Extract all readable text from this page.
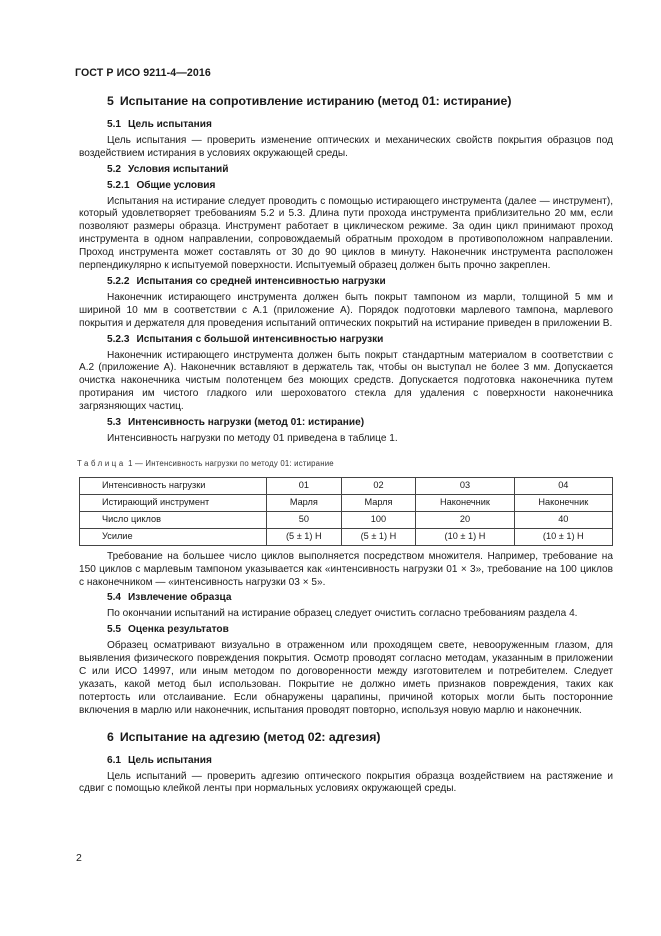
ГОСТ Р ИСО 9211-4—2016
5 Испытание на сопротивление истиранию (метод 01: истирание)
5.1 Цель испытания
Цель испытания — проверить изменение оптических и механических свойств покрытия образцов под воздействием истирания в условиях окружающей среды.
5.2 Условия испытаний
5.2.1 Общие условия
Испытания на истирание следует проводить с помощью истирающего инструмента (далее — инструмент), который удовлетворяет требованиям 5.2 и 5.3. Длина пути прохода инструмента приблизительно 20 мм, если позволяют размеры образца. Инструмент работает в циклическом режиме. За один цикл принимают проход инструмента в одном направлении, сопровождаемый обратным проходом в противоположном направлении. Проход инструмента может составлять от 30 до 90 циклов в минуту. Наконечник инструмента расположен перпендикулярно к испытуемой поверхности. Испытуемый образец должен быть прочно закреплен.
5.2.2 Испытания со средней интенсивностью нагрузки
Наконечник истирающего инструмента должен быть покрыт тампоном из марли, толщиной 5 мм и шириной 10 мм в соответствии с А.1 (приложение А). Порядок подготовки марлевого тампона, марлевого покрытия и держателя для проведения испытаний оптических покрытий на истирание приведен в приложении В.
5.2.3 Испытания с большой интенсивностью нагрузки
Наконечник истирающего инструмента должен быть покрыт стандартным материалом в соответствии с А.2 (приложение А). Наконечник вставляют в держатель так, чтобы он выступал не более 3 мм. Допускается очистка наконечника чистым полотенцем без моющих средств. Допускается подготовка наконечника путем протирания им чистого гладкого или шероховатого стекла для удаления с поверхности наконечника загрязняющих частиц.
5.3 Интенсивность нагрузки (метод 01: истирание)
Интенсивность нагрузки по методу 01 приведена в таблице 1.
Таблица 1 — Интенсивность нагрузки по методу 01: истирание
Интенсивность нагрузки	01	02	03	04
Истирающий инструмент	Марля	Марля	Наконечник	Наконечник
Число циклов	50	100	20	40
Усилие	(5 ± 1) Н	(5 ± 1) Н	(10 ± 1) Н	(10 ± 1) Н
Требование на большее число циклов выполняется посредством множителя. Например, требование на 150 циклов с марлевым тампоном указывается как «интенсивность нагрузки 01 × 3», требование на 100 циклов с наконечником — «интенсивность нагрузки 03 × 5».
5.4 Извлечение образца
По окончании испытаний на истирание образец следует очистить согласно требованиям раздела 4.
5.5 Оценка результатов
Образец осматривают визуально в отраженном или проходящем свете, невооруженным глазом, для выявления физического повреждения покрытия. Осмотр проводят согласно методам, указанным в приложении С или ИСО 14997, или иным методом по договоренности между изготовителем и потребителем. Следует указать, какой метод был использован. Покрытие не должно иметь признаков повреждения, таких как потертость или отслаивание. Если обнаружены царапины, причиной которых могли быть посторонние включения в марлю или наконечник, испытания проводят повторно, используя новую марлю и наконечник.
6 Испытание на адгезию (метод 02: адгезия)
6.1 Цель испытания
Цель испытаний — проверить адгезию оптического покрытия образца воздействием на растяжение и сдвиг с помощью клейкой ленты при нормальных условиях окружающей среды.
2
